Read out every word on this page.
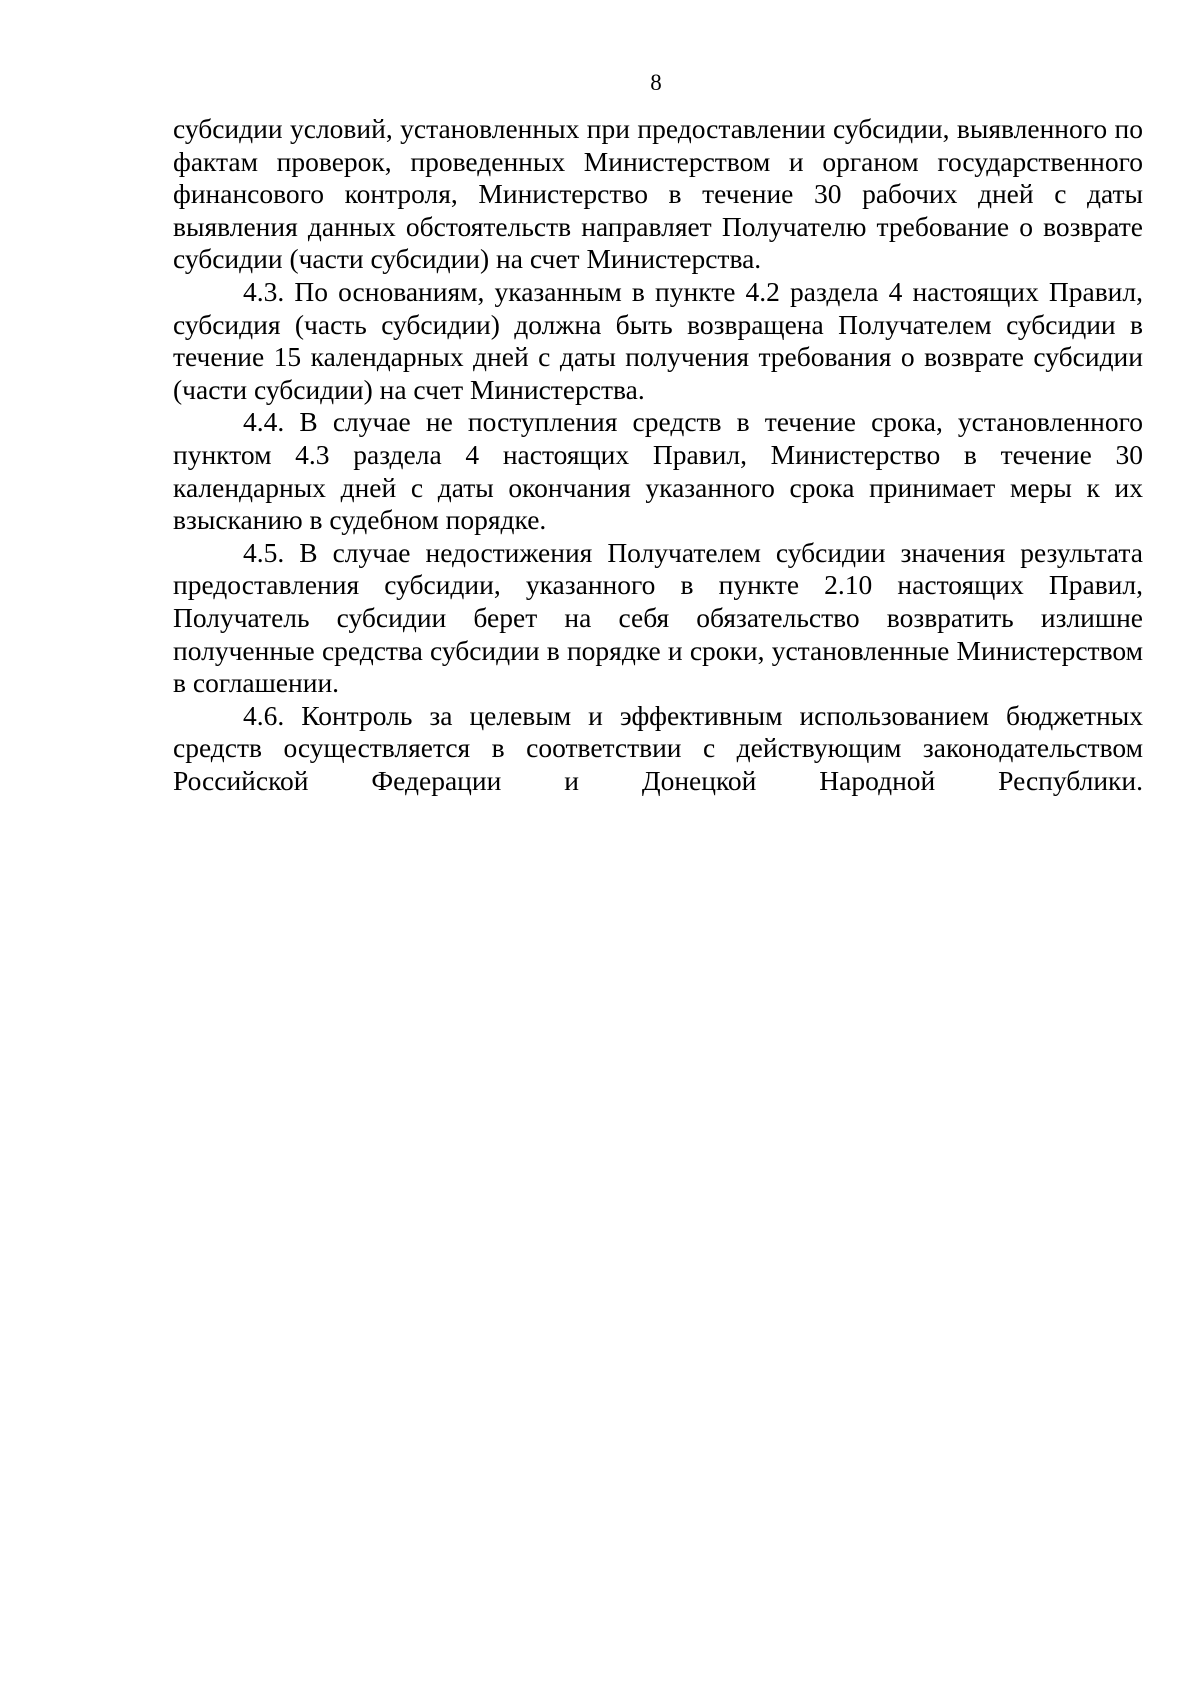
8

субсидии условий, установленных при предоставлении субсидии, выявленного по фактам проверок, проведенных Министерством и органом государственного финансового контроля, Министерство в течение 30 рабочих дней с даты выявления данных обстоятельств направляет Получателю требование о возврате субсидии (части субсидии) на счет Министерства.

4.3. По основаниям, указанным в пункте 4.2 раздела 4 настоящих Правил, субсидия (часть субсидии) должна быть возвращена Получателем субсидии в течение 15 календарных дней с даты получения требования о возврате субсидии (части субсидии) на счет Министерства.

4.4. В случае не поступления средств в течение срока, установленного пунктом 4.3 раздела 4 настоящих Правил, Министерство в течение 30 календарных дней с даты окончания указанного срока принимает меры к их взысканию в судебном порядке.

4.5. В случае недостижения Получателем субсидии значения результата предоставления субсидии, указанного в пункте 2.10 настоящих Правил, Получатель субсидии берет на себя обязательство возвратить излишне полученные средства субсидии в порядке и сроки, установленные Министерством в соглашении.

4.6. Контроль за целевым и эффективным использованием бюджетных средств осуществляется в соответствии с действующим законодательством Российской Федерации и Донецкой Народной Республики.
